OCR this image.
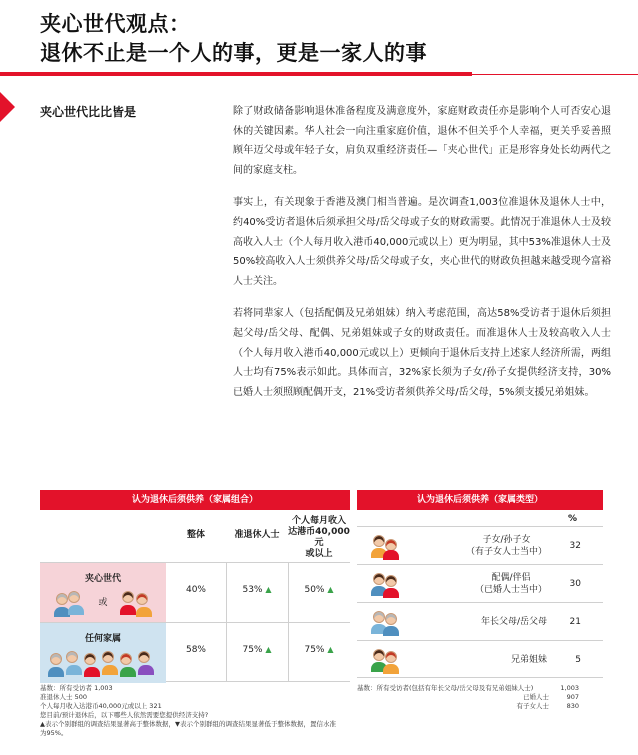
夹心世代观点：
退休不止是一个人的事，更是一家人的事
夹心世代比比皆是	除了财政储备影响退休准备程度及满意度外，家庭财政责任亦是影响个人可否安心退休的关键因素。华人社会一向注重家庭价值，退休不但关乎个人幸福，更关乎妥善照顾年迈父母或年轻子女，肩负双重经济责任—「夹心世代」正是形容身处长幼两代之间的家庭支柱。

事实上，有关现象于香港及澳门相当普遍。是次调查1,003位准退休及退休人士中，约40%受访者退休后须承担父母/岳父母或子女的财政需要。此情况于准退休人士及较高收入人士（个人每月收入港币40,000元或以上）更为明显，其中53%准退休人士及50%较高收入人士须供养父母/岳父母或子女，夹心世代的财政负担越来越受现今富裕人士关注。

若将同辈家人（包括配偶及兄弟姐妹）纳入考虑范围，高达58%受访者于退休后须担起父母/岳父母、配偶、兄弟姐妹或子女的财政责任。而准退休人士及较高收入人士（个人每月收入港币40,000元或以上）更倾向于退休后支持上述家人经济所需，两组人士均有75%表示如此。具体而言，32%家长须为子女/孙子女提供经济支持，30%已婚人士须照顾配偶开支，21%受访者须供养父母/岳父母，5%须支援兄弟姐妹。

认为退休后须供养（家属组合）
整体	准退休人士
个人每月收入
达港币40,000元
或以上
夹心世代
或
40%	53% ▲	50% ▲
任何家属
58%	75% ▲	75% ▲
认为退休后须供养（家属类型）
%
子女/孙子女
（有子女人士当中）
32
配偶/伴侣
（已婚人士当中）
30
年长父母/岳父母	21
兄弟姐妹	5
基数：所有受访者 1,003
准退休人士 500
个人每月收入达港币40,000元或以上 321
您目前/预计退休后，以下哪些人依然需要您提供经济支持?
▲表示个别群组的调查结果显著高于整体数据，▼表示个别群组的调查结果显著低于整体数据，置信水准为95%。
基数：所有受访者(包括有年长父母/岳父母及有兄弟姐妹人士)	1,003
已婚人士	907
有子女人士	830
